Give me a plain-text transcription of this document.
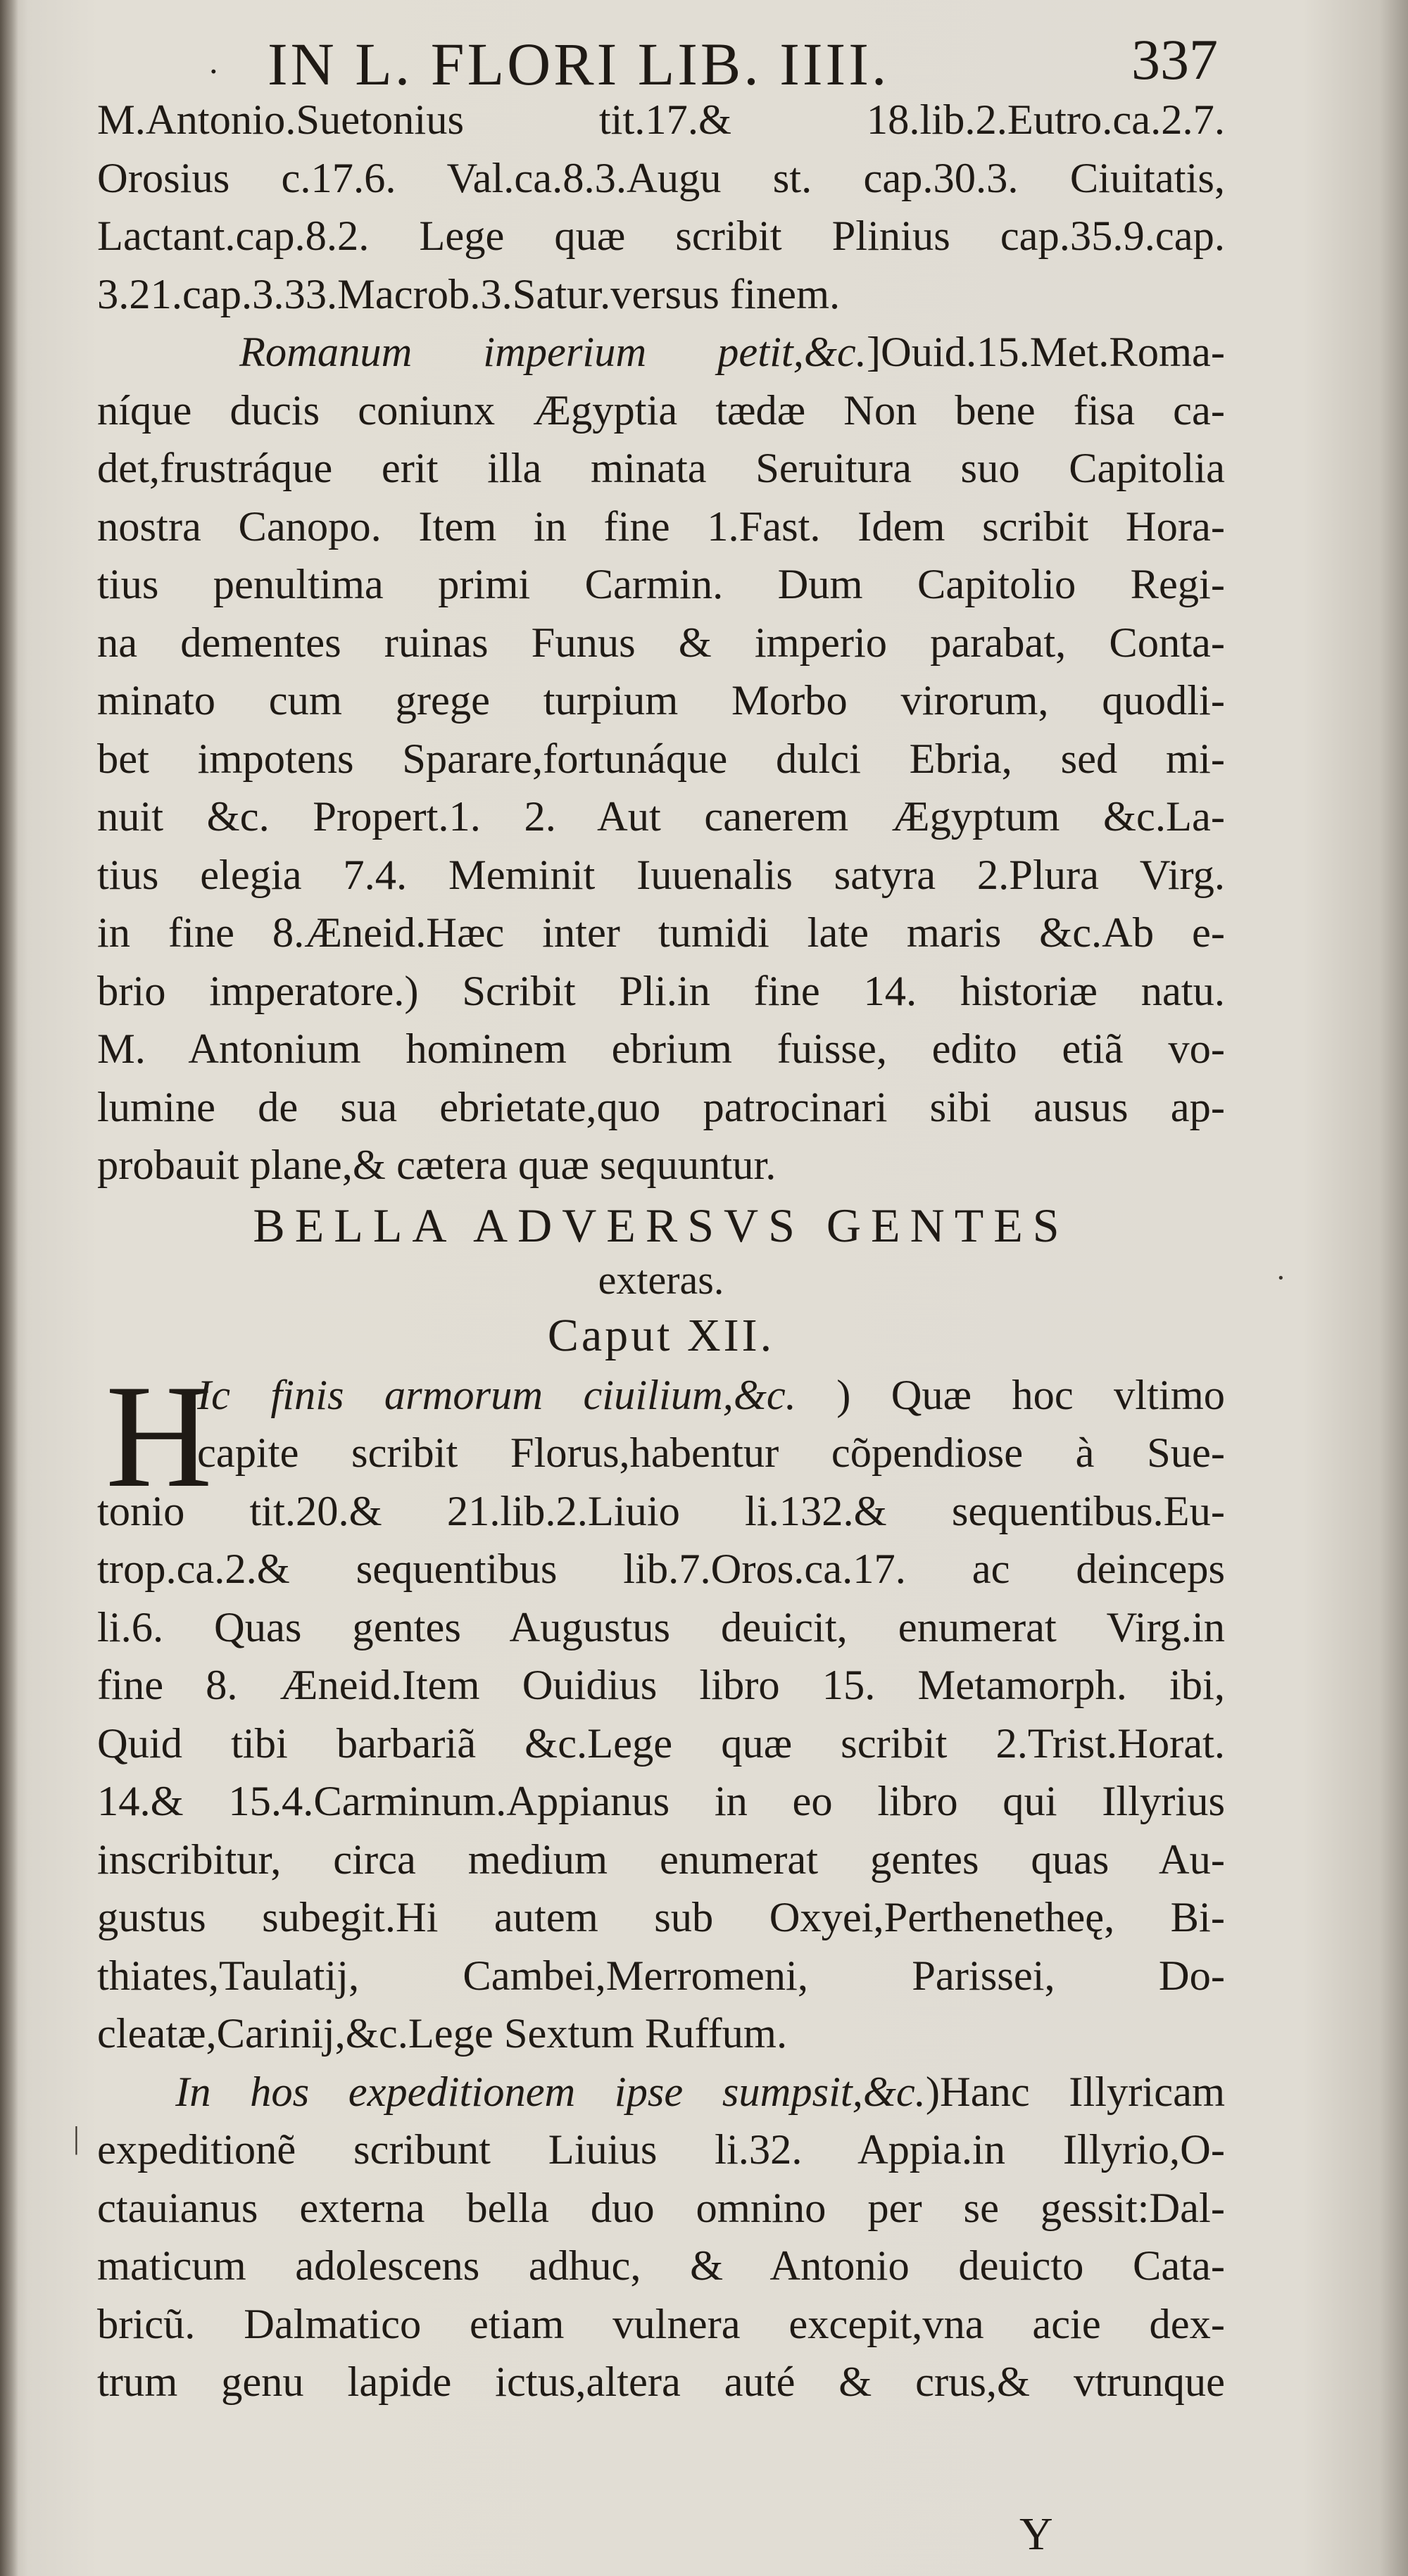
· IN L. FLORI LIB. IIII.	337
M.Antonio.Suetonius tit.17.& 18.lib.2.Eutro.ca.2.7.
Orosius c.17.6. Val.ca.8.3.Augu st. cap.30.3. Ciuitatis,
Lactant.cap.8.2. Lege quæ scribit Plinius cap.35.9.cap.
3.21.cap.3.33.Macrob.3.Satur.versus finem.
Romanum imperium petit,&c.]Ouid.15.Met.Roma-
níque ducis coniunx Ægyptia tædæ Non bene fisa ca-
det,frustráque erit illa minata Seruitura suo Capitolia
nostra Canopo. Item in fine 1.Fast. Idem scribit Hora-
tius penultima primi Carmin. Dum Capitolio Regi-
na dementes ruinas Funus & imperio parabat, Conta-
minato cum grege turpium Morbo virorum, quodli-
bet impotens Sparare,fortunáque dulci Ebria, sed mi-
nuit &c. Propert.1. 2. Aut canerem Ægyptum &c.La-
tius elegia 7.4. Meminit Iuuenalis satyra 2.Plura Virg.
in fine 8.Æneid.Hæc inter tumidi late maris &c.Ab e-
brio imperatore.) Scribit Pli.in fine 14. historiæ natu.
M. Antonium hominem ebrium fuisse, edito etiã vo-
lumine de sua ebrietate,quo patrocinari sibi ausus ap-
probauit plane,& cætera quæ sequuntur.
BELLA ADVERSVS GENTES
exteras.
Caput XII.
H
Ic finis armorum ciuilium,&c. ) Quæ hoc vltimo
capite scribit Florus,habentur cõpendiose à Sue-
tonio tit.20.& 21.lib.2.Liuio li.132.& sequentibus.Eu-
trop.ca.2.& sequentibus lib.7.Oros.ca.17. ac deinceps
li.6. Quas gentes Augustus deuicit, enumerat Virg.in
fine 8. Æneid.Item Ouidius libro 15. Metamorph. ibi,
Quid tibi barbariã &c.Lege quæ scribit 2.Trist.Horat.
14.& 15.4.Carminum.Appianus in eo libro qui Illyrius
inscribitur, circa medium enumerat gentes quas Au-
gustus subegit.Hi autem sub Oxyei,Perthenetheę, Bi-
thiates,Taulatij, Cambei,Merromeni, Parissei, Do-
cleatæ,Carinij,&c.Lege Sextum Ruffum.
In hos expeditionem ipse sumpsit,&c.)Hanc Illyricam
expeditionẽ scribunt Liuius li.32. Appia.in Illyrio,O-
ctauianus externa bella duo omnino per se gessit:Dal-
maticum adolescens adhuc, & Antonio deuicto Cata-
bricũ. Dalmatico etiam vulnera excepit,vna acie dex-
trum genu lapide ictus,altera auté & crus,& vtrunque
·
|
Y
